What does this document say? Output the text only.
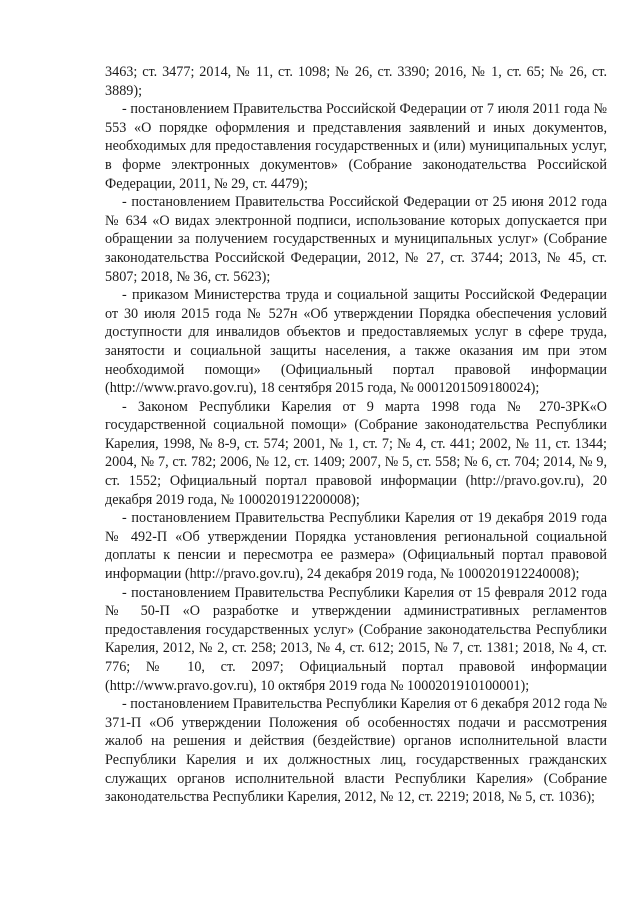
3463; ст. 3477; 2014, № 11, ст. 1098; № 26, ст. 3390; 2016, № 1, ст. 65; № 26, ст. 3889);

- постановлением Правительства Российской Федерации от 7 июля 2011 года № 553 «О порядке оформления и представления заявлений и иных документов, необходимых для предоставления государственных и (или) муниципальных услуг, в форме электронных документов» (Собрание законодательства Российской Федерации, 2011, № 29, ст. 4479);

- постановлением Правительства Российской Федерации от 25 июня 2012 года № 634 «О видах электронной подписи, использование которых допускается при обращении за получением государственных и муниципальных услуг» (Собрание законодательства Российской Федерации, 2012, № 27, ст. 3744; 2013, № 45, ст. 5807; 2018, № 36, ст. 5623);

- приказом Министерства труда и социальной защиты Российской Федерации от 30 июля 2015 года № 527н «Об утверждении Порядка обеспечения условий доступности для инвалидов объектов и предоставляемых услуг в сфере труда, занятости и социальной защиты населения, а также оказания им при этом необходимой помощи» (Официальный портал правовой информации (http://www.pravo.gov.ru), 18 сентября 2015 года, № 0001201509180024);

- Законом Республики Карелия от 9 марта 1998 года № 270-ЗРК«О государственной социальной помощи» (Собрание законодательства Республики Карелия, 1998, № 8-9, ст. 574; 2001, № 1, ст. 7; № 4, ст. 441; 2002, № 11, ст. 1344; 2004, № 7, ст. 782; 2006, № 12, ст. 1409; 2007, № 5, ст. 558; № 6, ст. 704; 2014, № 9, ст. 1552; Официальный портал правовой информации (http://pravo.gov.ru), 20 декабря 2019 года, № 1000201912200008);

- постановлением Правительства Республики Карелия от 19 декабря 2019 года № 492-П «Об утверждении Порядка установления региональной социальной доплаты к пенсии и пересмотра ее размера» (Официальный портал правовой информации (http://pravo.gov.ru), 24 декабря 2019 года, № 1000201912240008);

- постановлением Правительства Республики Карелия от 15 февраля 2012 года № 50-П «О разработке и утверждении административных регламентов предоставления государственных услуг» (Собрание законодательства Республики Карелия, 2012, № 2, ст. 258; 2013, № 4, ст. 612; 2015, № 7, ст. 1381; 2018, № 4, ст. 776; № 10, ст. 2097; Официальный портал правовой информации (http://www.pravo.gov.ru), 10 октября 2019 года № 1000201910100001);

- постановлением Правительства Республики Карелия от 6 декабря 2012 года № 371-П «Об утверждении Положения об особенностях подачи и рассмотрения жалоб на решения и действия (бездействие) органов исполнительной власти Республики Карелия и их должностных лиц, государственных гражданских служащих органов исполнительной власти Республики Карелия» (Собрание законодательства Республики Карелия, 2012, № 12, ст. 2219; 2018, № 5, ст. 1036);
